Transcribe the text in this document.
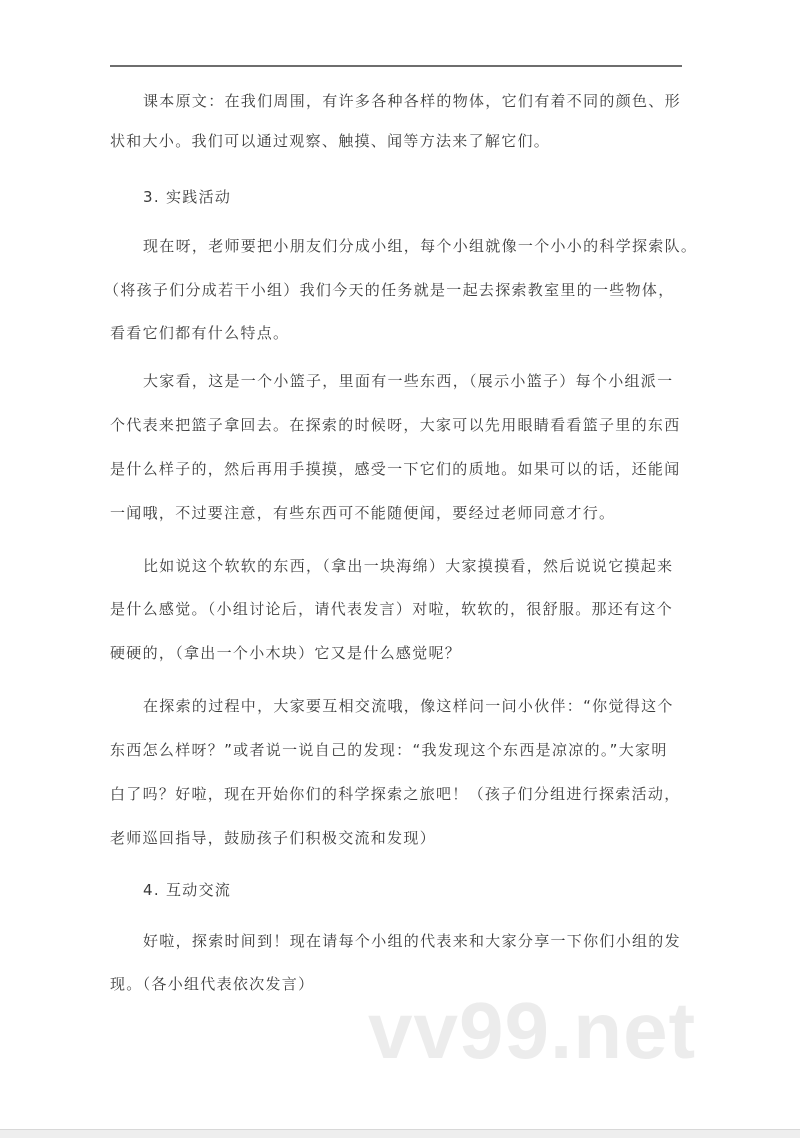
课本原文：在我们周围，有许多各种各样的物体，它们有着不同的颜色、形
状和大小。我们可以通过观察、触摸、闻等方法来了解它们。
3. 实践活动
现在呀，老师要把小朋友们分成小组，每个小组就像一个小小的科学探索队。
（将孩子们分成若干小组）我们今天的任务就是一起去探索教室里的一些物体，
看看它们都有什么特点。
大家看，这是一个小篮子，里面有一些东西，（展示小篮子）每个小组派一
个代表来把篮子拿回去。在探索的时候呀，大家可以先用眼睛看看篮子里的东西
是什么样子的，然后再用手摸摸，感受一下它们的质地。如果可以的话，还能闻
一闻哦，不过要注意，有些东西可不能随便闻，要经过老师同意才行。
比如说这个软软的东西，（拿出一块海绵）大家摸摸看，然后说说它摸起来
是什么感觉。（小组讨论后，请代表发言）对啦，软软的，很舒服。那还有这个
硬硬的，（拿出一个小木块）它又是什么感觉呢？
在探索的过程中，大家要互相交流哦，像这样问一问小伙伴：“你觉得这个
东西怎么样呀？”或者说一说自己的发现：“我发现这个东西是凉凉的。”大家明
白了吗？好啦，现在开始你们的科学探索之旅吧！（孩子们分组进行探索活动，
老师巡回指导，鼓励孩子们积极交流和发现）
4. 互动交流
好啦，探索时间到！现在请每个小组的代表来和大家分享一下你们小组的发
现。（各小组代表依次发言）
vv99.net
